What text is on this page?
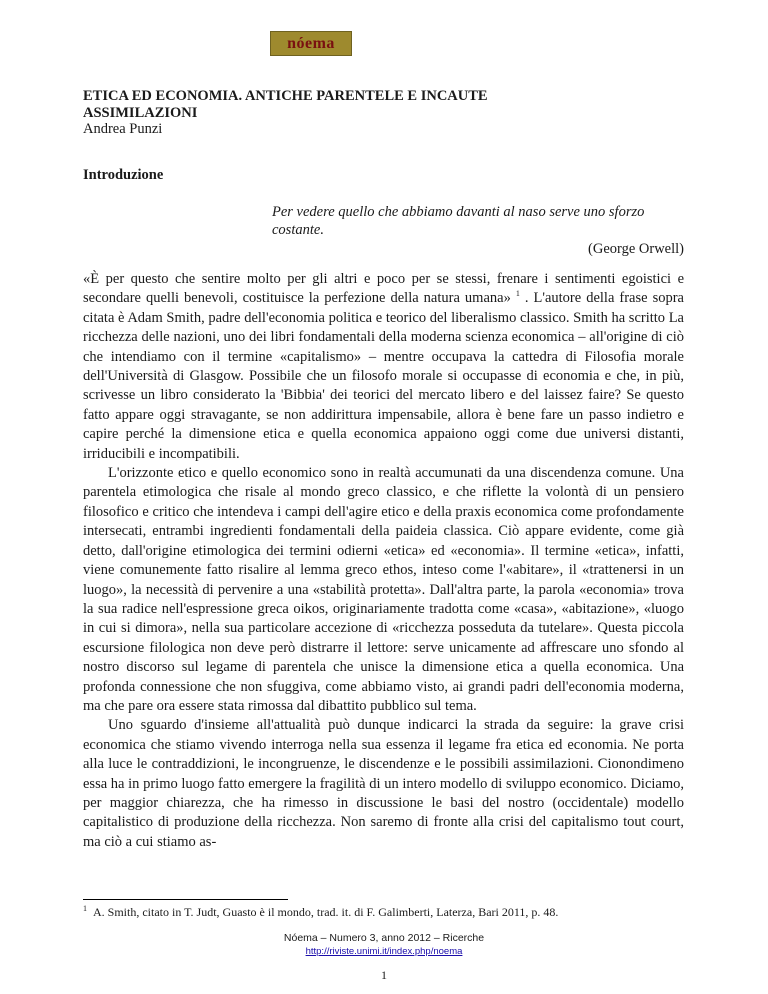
nóema
ETICA ED ECONOMIA. ANTICHE PARENTELE E INCAUTE ASSIMILAZIONI
Andrea Punzi
Introduzione
Per vedere quello che abbiamo davanti al naso serve uno sforzo costante.
(George Orwell)

«È per questo che sentire molto per gli altri e poco per se stessi, frenare i sentimenti egoistici e secondare quelli benevoli, costituisce la perfezione della natura umana» $^1$ . L'autore della frase sopra citata è Adam Smith, padre dell'economia politica e teorico del liberalismo classico. Smith ha scritto La ricchezza delle nazioni, uno dei libri fondamentali della moderna scienza economica – all'origine di ciò che intendiamo con il termine «capitalismo» – mentre occupava la cattedra di Filosofia morale dell'Università di Glasgow. Possibile che un filosofo morale si occupasse di economia e che, in più, scrivesse un libro considerato la 'Bibbia' dei teorici del mercato libero e del laissez faire? Se questo fatto appare oggi stravagante, se non addirittura impensabile, allora è bene fare un passo indietro e capire perché la dimensione etica e quella economica appaiono oggi come due universi distanti, irriducibili e incompatibili.

L'orizzonte etico e quello economico sono in realtà accumunati da una discendenza comune. Una parentela etimologica che risale al mondo greco classico, e che riflette la volontà di un pensiero filosofico e critico che intendeva i campi dell'agire etico e della praxis economica come profondamente intersecati, entrambi ingredienti fondamentali della paideia classica. Ciò appare evidente, come già detto, dall'origine etimologica dei termini odierni «etica» ed «economia». Il termine «etica», infatti, viene comunemente fatto risalire al lemma greco ethos, inteso come l'«abitare», il «trattenersi in un luogo», la necessità di pervenire a una «stabilità protetta». Dall'altra parte, la parola «economia» trova la sua radice nell'espressione greca oikos, originariamente tradotta come «casa», «abitazione», «luogo in cui si dimora», nella sua particolare accezione di «ricchezza posseduta da tutelare». Questa piccola escursione filologica non deve però distrarre il lettore: serve unicamente ad affrescare uno sfondo al nostro discorso sul legame di parentela che unisce la dimensione etica a quella economica. Una profonda connessione che non sfuggiva, come abbiamo visto, ai grandi padri dell'economia moderna, ma che pare ora essere stata rimossa dal dibattito pubblico sul tema.

Uno sguardo d'insieme all'attualità può dunque indicarci la strada da seguire: la grave crisi economica che stiamo vivendo interroga nella sua essenza il legame fra etica ed economia. Ne porta alla luce le contraddizioni, le incongruenze, le discendenze e le possibili assimilazioni. Cionondimeno essa ha in primo luogo fatto emergere la fragilità di un intero modello di sviluppo economico. Diciamo, per maggior chiarezza, che ha rimesso in discussione le basi del nostro (occidentale) modello capitalistico di produzione della ricchezza. Non saremo di fronte alla crisi del capitalismo tout court, ma ciò a cui stiamo as-

$^1$ A. Smith, citato in T. Judt, Guasto è il mondo, trad. it. di F. Galimberti, Laterza, Bari 2011, p. 48.
Nóema – Numero 3, anno 2012 – Ricerche
http://riviste.unimi.it/index.php/noema
1
